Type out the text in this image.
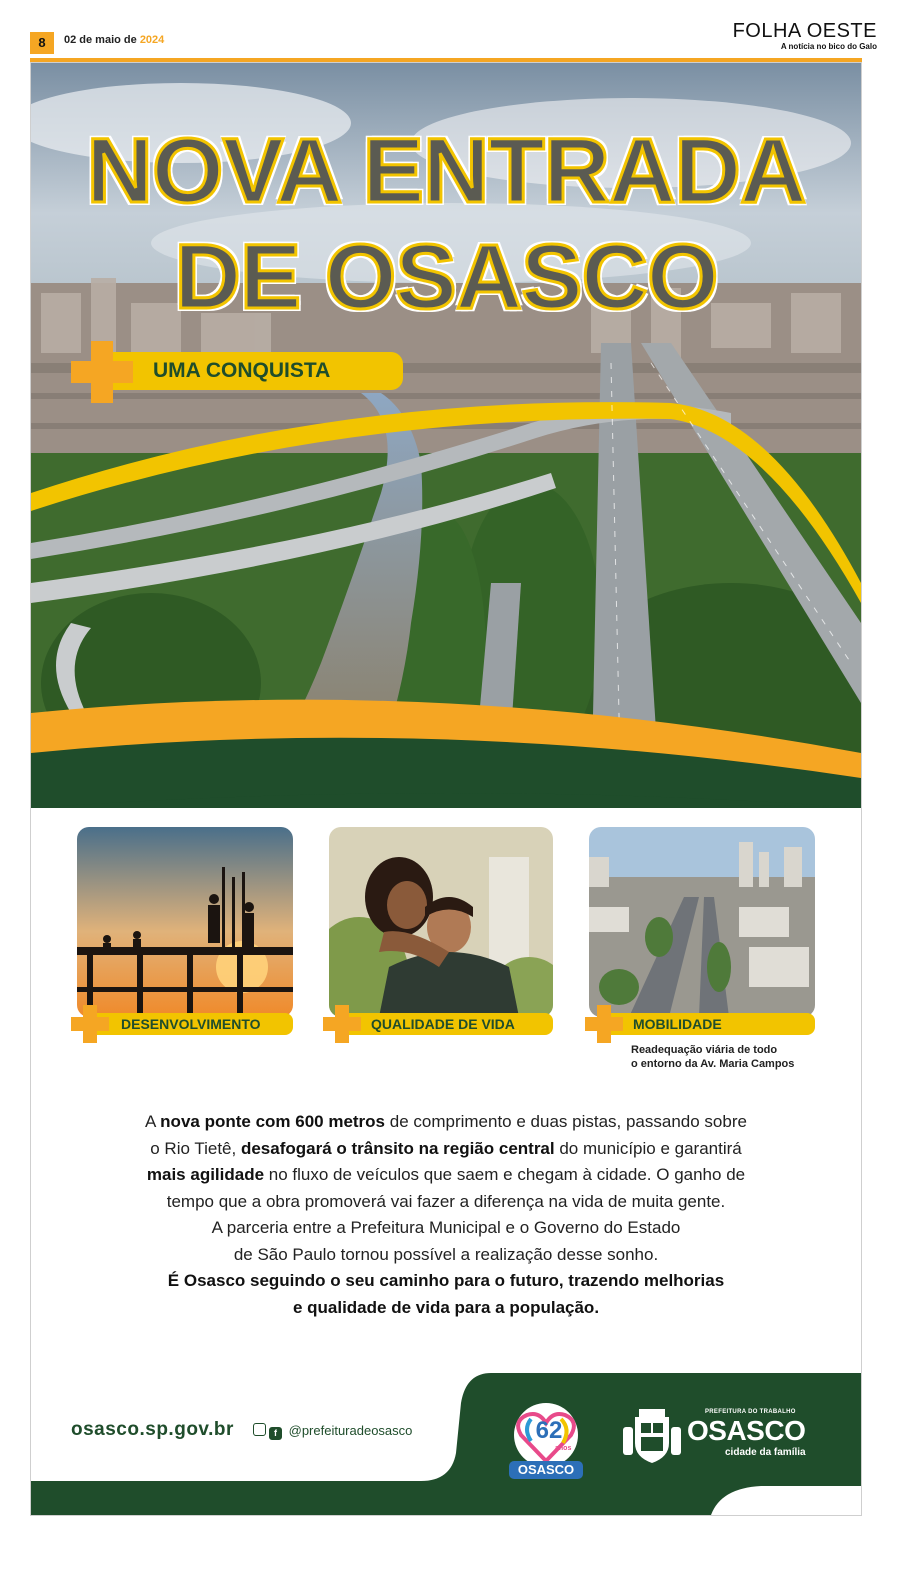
8	02 de maio de 2024	FOLHA OESTE
A notícia no bico do Galo
NOVA ENTRADA
DE OSASCO
UMA CONQUISTA
DESENVOLVIMENTO	QUALIDADE DE VIDA	MOBILIDADE
Readequação viária de todo
o entorno da Av. Maria Campos
A nova ponte com 600 metros de comprimento e duas pistas, passando sobre
o Rio Tietê, desafogará o trânsito na região central do município e garantirá
mais agilidade no fluxo de veículos que saem e chegam à cidade. O ganho de
tempo que a obra promoverá vai fazer a diferença na vida de muita gente.
A parceria entre a Prefeitura Municipal e o Governo do Estado
de São Paulo tornou possível a realização desse sonho.
É Osasco seguindo o seu caminho para o futuro, trazendo melhorias
e qualidade de vida para a população.
osasco.sp.gov.br	f @prefeituradeosasco	62
anos
OSASCO
PREFEITURA DO TRABALHO
OSASCO
cidade da família
